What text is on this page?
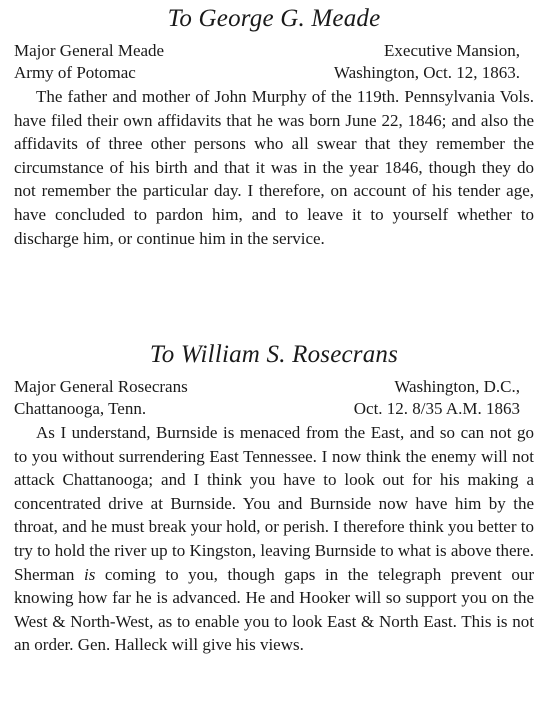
To George G. Meade
Major General Meade	Executive Mansion,
Army of Potomac	Washington, Oct. 12, 1863.

The father and mother of John Murphy of the 119th. Pennsylvania Vols. have filed their own affidavits that he was born June 22, 1846; and also the affidavits of three other persons who all swear that they remember the circumstance of his birth and that it was in the year 1846, though they do not remember the particular day. I therefore, on account of his tender age, have concluded to pardon him, and to leave it to yourself whether to discharge him, or continue him in the service.

To William S. Rosecrans
Major General Rosecrans	Washington, D.C.,
Chattanooga, Tenn.	Oct. 12. 8/35 A.M. 1863

As I understand, Burnside is menaced from the East, and so can not go to you without surrendering East Tennessee. I now think the enemy will not attack Chattanooga; and I think you have to look out for his making a concentrated drive at Burnside. You and Burnside now have him by the throat, and he must break your hold, or perish. I therefore think you better to try to hold the river up to Kingston, leaving Burnside to what is above there. Sherman is coming to you, though gaps in the telegraph prevent our knowing how far he is advanced. He and Hooker will so support you on the West & North-West, as to enable you to look East & North East. This is not an order. Gen. Halleck will give his views.
